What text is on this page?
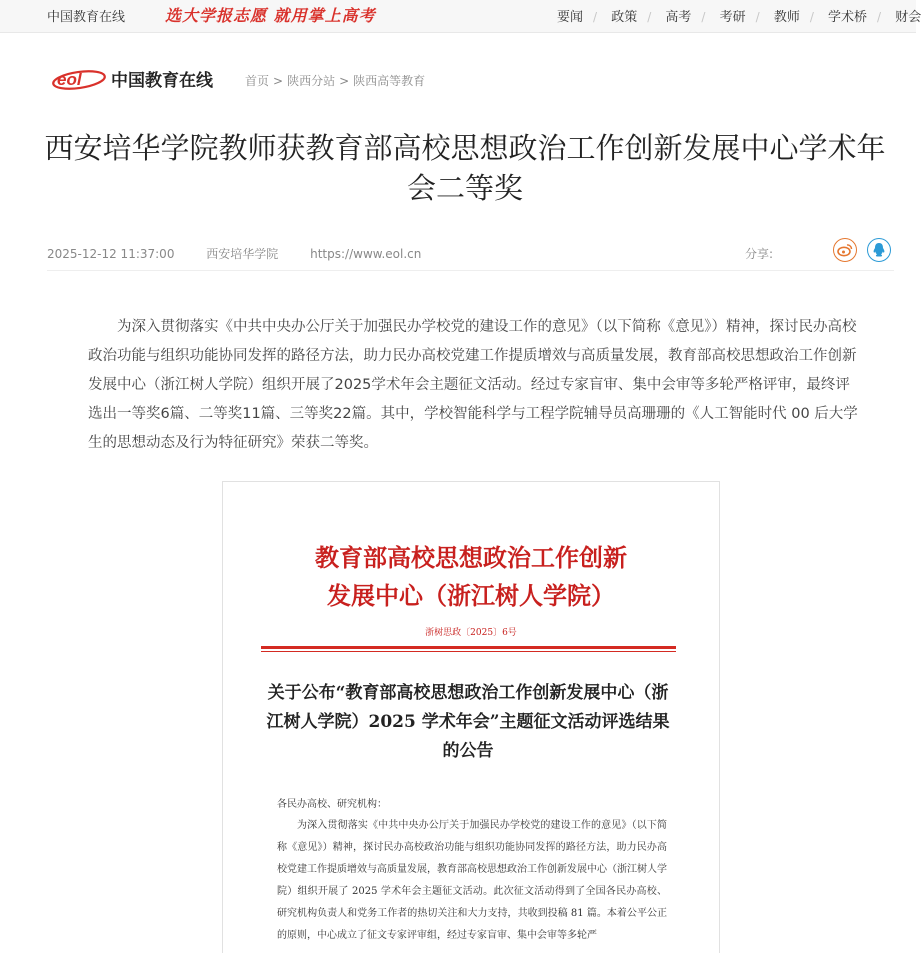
中国教育在线 选大学报志愿 就用掌上高考	要闻 / 政策 / 高考 / 考研 / 教师 / 学术桥 / 财会
eol 中国教育在线	首页 > 陕西分站 > 陕西高等教育
西安培华学院教师获教育部高校思想政治工作创新发展中心学术年会二等奖
2025-12-12 11:37:00	西安培华学院	https://www.eol.cn	分享:

为深入贯彻落实《中共中央办公厅关于加强民办学校党的建设工作的意见》（以下简称《意见》）精神，探讨民办高校政治功能与组织功能协同发挥的路径方法，助力民办高校党建工作提质增效与高质量发展，教育部高校思想政治工作创新发展中心（浙江树人学院）组织开展了2025学术年会主题征文活动。经过专家盲审、集中会审等多轮严格评审，最终评选出一等奖6篇、二等奖11篇、三等奖22篇。其中，学校智能科学与工程学院辅导员高珊珊的《人工智能时代 00 后大学生的思想动态及行为特征研究》荣获二等奖。

教育部高校思想政治工作创新
发展中心（浙江树人学院）
浙树思政〔2025〕6号
关于公布“教育部高校思想政治工作创新发展中心（浙江树人学院）2025 学术年会”主题征文活动评选结果的公告
各民办高校、研究机构：
为深入贯彻落实《中共中央办公厅关于加强民办学校党的建设工作的意见》（以下简称《意见》）精神，探讨民办高校政治功能与组织功能协同发挥的路径方法，助力民办高校党建工作提质增效与高质量发展，教育部高校思想政治工作创新发展中心（浙江树人学院）组织开展了 2025 学术年会主题征文活动。此次征文活动得到了全国各民办高校、研究机构负责人和党务工作者的热切关注和大力支持，共收到投稿 81 篇。本着公平公正的原则，中心成立了征文专家评审组，经过专家盲审、集中会审等多轮严
